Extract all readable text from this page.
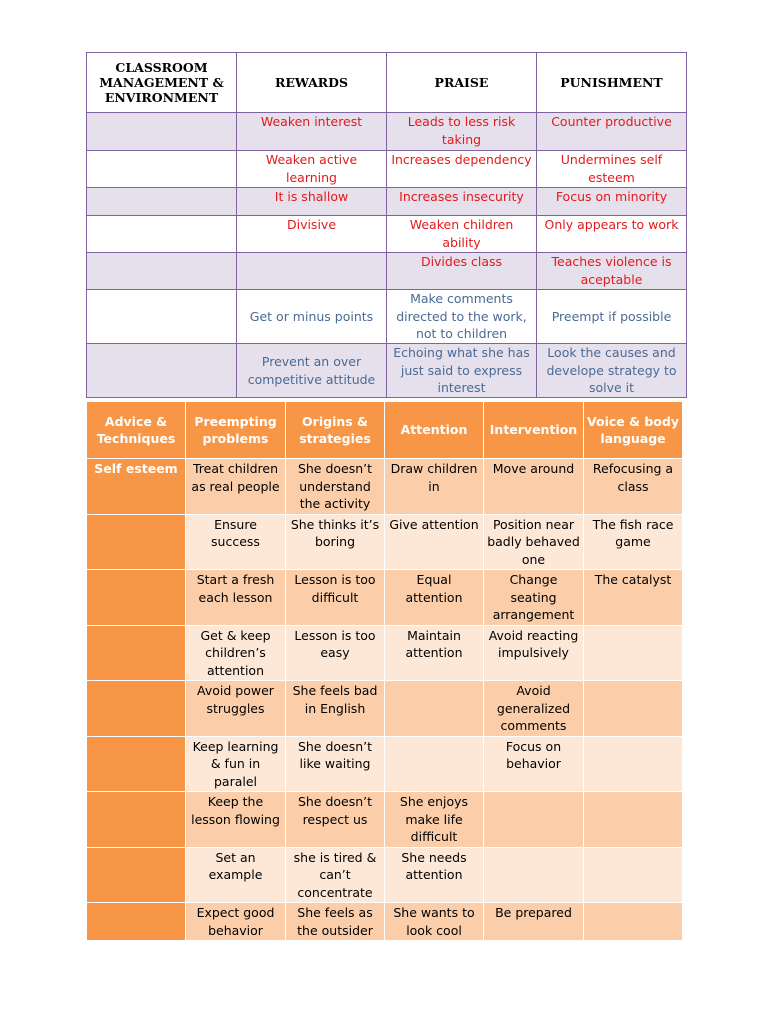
CLASSROOM MANAGEMENT & ENVIRONMENT	REWARDS	PRAISE	PUNISHMENT
	Weaken interest	Leads to less risk taking	Counter productive
	Weaken active learning	Increases dependency	Undermines self esteem
	It is shallow	Increases insecurity	Focus on minority
	Divisive	Weaken children ability	Only appears to work
		Divides class	Teaches violence is aceptable
	Get or minus points	Make comments directed to the work, not to children	Preempt if possible
	Prevent an over competitive attitude	Echoing what she has just said to express interest	Look the causes and develope strategy to solve it
Advice & Techniques	Preempting problems	Origins & strategies	Attention	Intervention	Voice & body language
Self esteem	Treat children as real people	She doesn’t understand the activity	Draw children in	Move around	Refocusing a class
	Ensure success	She thinks it’s boring	Give attention	Position near badly behaved one	The fish race game
	Start a fresh each lesson	Lesson is too difficult	Equal attention	Change seating arrangement	The catalyst
	Get & keep children’s attention	Lesson is too easy	Maintain attention	Avoid reacting impulsively	
	Avoid power struggles	She feels bad in English		Avoid generalized comments	
	Keep learning & fun in paralel	She doesn’t like waiting		Focus on behavior	
	Keep the lesson flowing	She doesn’t respect us	She enjoys make life difficult		
	Set an example	she is tired & can’t concentrate	She needs attention		
	Expect good behavior	She feels as the outsider	She wants to look cool	Be prepared	
